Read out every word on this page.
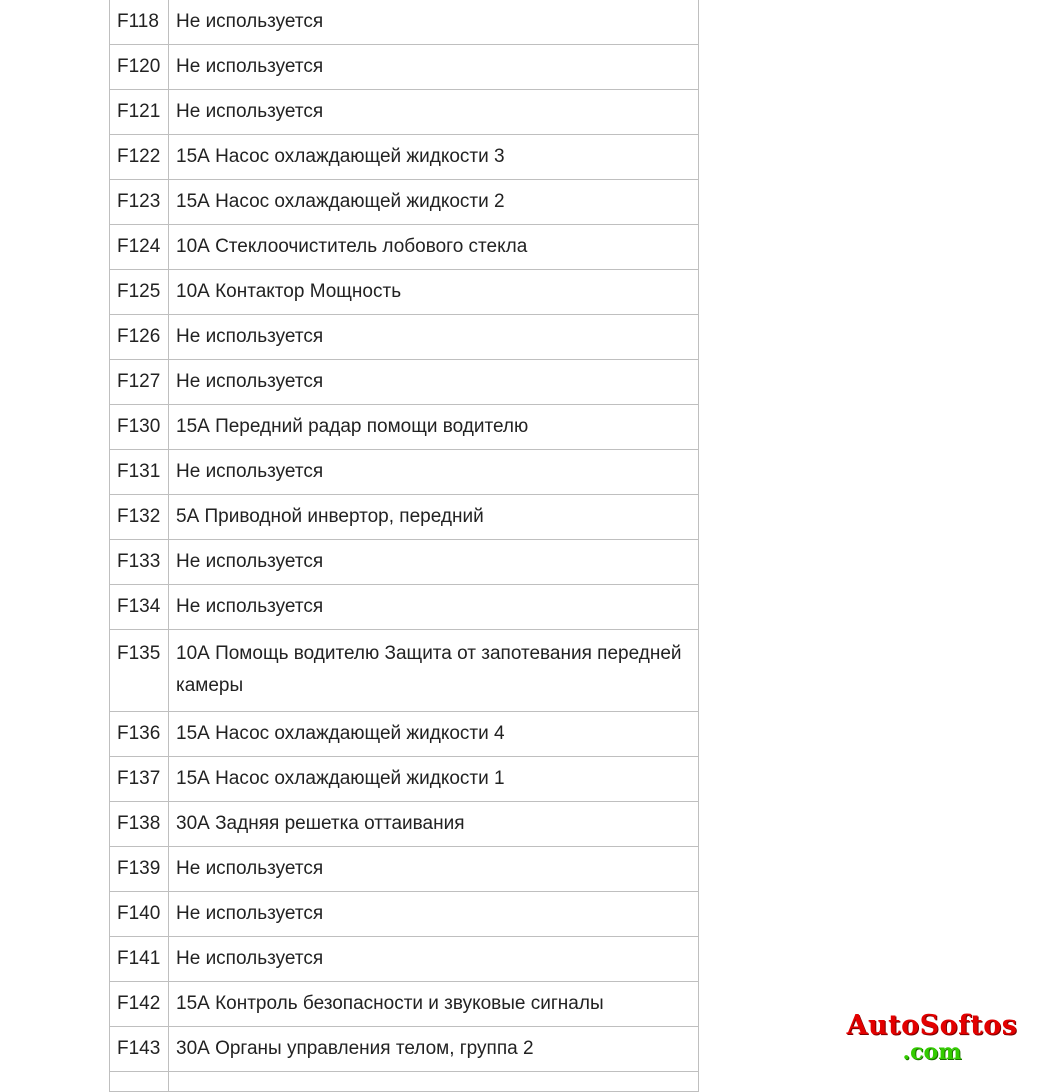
F118	Не используется
F120	Не используется
F121	Не используется
F122	15А Насос охлаждающей жидкости 3
F123	15А Насос охлаждающей жидкости 2
F124	10А Стеклоочиститель лобового стекла
F125	10А Контактор Мощность
F126	Не используется
F127	Не используется
F130	15А Передний радар помощи водителю
F131	Не используется
F132	5А Приводной инвертор, передний
F133	Не используется
F134	Не используется
F135	10А Помощь водителю Защита от запотевания передней камеры
F136	15А Насос охлаждающей жидкости 4
F137	15А Насос охлаждающей жидкости 1
F138	30А Задняя решетка оттаивания
F139	Не используется
F140	Не используется
F141	Не используется
F142	15А Контроль безопасности и звуковые сигналы
F143	30А Органы управления телом, группа 2

AutoSoftos
.com
